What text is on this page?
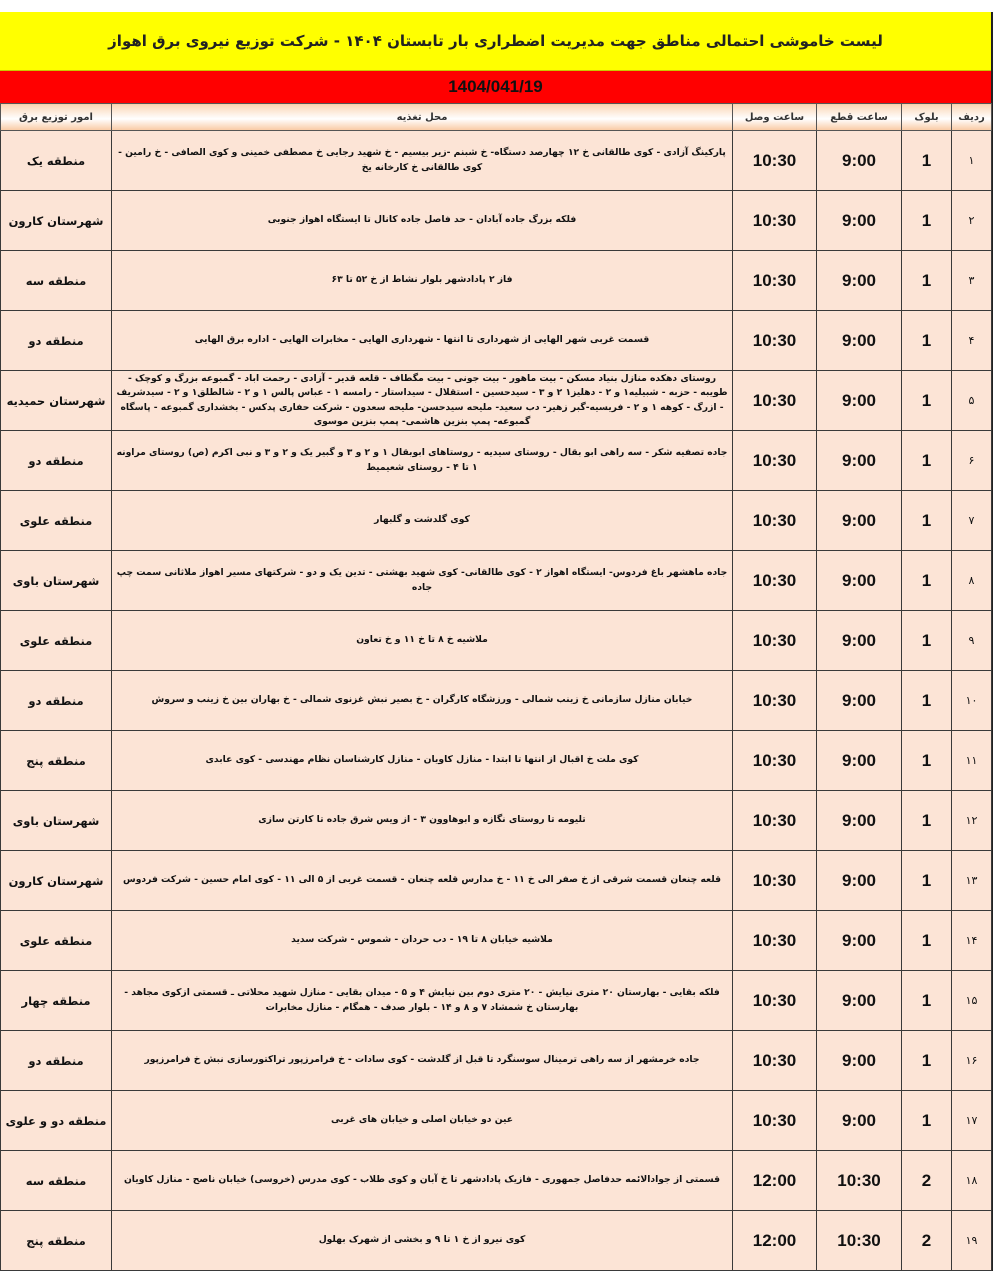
لیست خاموشی احتمالی مناطق جهت مدیریت اضطراری بار تابستان ۱۴۰۴ - شرکت توزیع نیروی برق اهواز
1404/041/19
ردیف	بلوک	ساعت قطع	ساعت وصل	محل تغذیه	امور توزیع برق
۱	1	9:00	10:30	پارکینگ آزادی - کوی طالقانی خ ۱۲ چهارصد دستگاه- خ شبنم -زیر بیسیم - خ شهید رجایی خ مصطفی خمینی و کوی الصافی - خ رامین - کوی طالقانی خ کارخانه یخ	منطقه یک
۲	1	9:00	10:30	فلکه بزرگ جاده آبادان - حد فاصل جاده کانال تا ایستگاه اهواز جنوبی	شهرستان کارون
۳	1	9:00	10:30	فاز ۲ پادادشهر بلوار نشاط از خ ۵۲ تا ۶۳	منطقه سه
۴	1	9:00	10:30	قسمت غربی شهر الهایی از شهرداری تا انتها - شهرداری الهایی - مخابرات الهایی - اداره برق الهایی	منطقه دو
۵	1	9:00	10:30	روستای دهکده منازل بنیاد مسکن - بیت ماهور - بیت جونی - بیت مگطاف - قلعه قدیر - آزادی - رحمت اباد - گمبوعه بزرگ و کوچک - طویبه - حزبه - شبیلیه۱ و ۲ - دهلیز۱ ۲ و ۳ - سیدحسین - استقلال - سیداستار - رامسه ۱ - عباس پالس ۱ و ۲ - شالطلق۱ و ۲ - سیدشریف - ازرگ - کوهه ۱ و ۲ - فریسیه-گبر زهیر- دب سعید- ملیحه سیدحسن- ملیحه سعدون - شرکت حفاری پدکس - بخشداری گمبوعه - پاسگاه گمبوعه- پمپ بنزین هاشمی- پمپ بنزین موسوی	شهرستان حمیدیه
۶	1	9:00	10:30	جاده تصفیه شکر - سه راهی ابو بقال - روستای سیدیه - روستاهای ابوبقال ۱ و ۲ و ۳ و گبیر یک و ۲ و ۳ و نبی اکرم (ص) روستای مراونه ۱ تا ۴ - روستای شعیمیط	منطقه دو
۷	1	9:00	10:30	کوی گلدشت و گلبهار	منطقه علوی
۸	1	9:00	10:30	جاده ماهشهر باغ فردوس- ایستگاه اهواز ۲ - کوی طالقانی- کوی شهید بهشتی - تدین یک و دو - شرکتهای مسیر اهواز ملاثانی سمت چپ جاده	شهرستان باوی
۹	1	9:00	10:30	ملاشیه خ ۸ تا خ ۱۱ و خ تعاون	منطقه علوی
۱۰	1	9:00	10:30	خیابان منازل سازمانی خ زینب شمالی - ورزشگاه کارگران - خ بصیر نبش غزنوی شمالی - خ بهاران بین خ زینب و سروش	منطقه دو
۱۱	1	9:00	10:30	کوی ملت خ اقبال از انتها تا ابتدا - منازل کاویان - منازل کارشناسان نظام مهندسی - کوی عابدی	منطقه پنج
۱۲	1	9:00	10:30	تلیومه تا روستای نگازه و ابوهاوون ۳ - از ویس شرق جاده تا کارتن سازی	شهرستان باوی
۱۳	1	9:00	10:30	قلعه چنعان قسمت شرقی از خ صفر الی خ ۱۱ - خ مدارس قلعه چنعان - قسمت غربی از ۵ الی ۱۱ - کوی امام حسین - شرکت فردوس	شهرستان کارون
۱۴	1	9:00	10:30	ملاشیه خیابان ۸ تا ۱۹ - دب حردان - شموس - شرکت سدید	منطقه علوی
۱۵	1	9:00	10:30	فلکه بقایی - بهارستان ۲۰ متری نیایش - ۲۰ متری دوم بین نیایش ۴ و ۵ - میدان بقایی - منازل شهید محلاتی ـ قسمتی ازکوی مجاهد - بهارستان خ شمشاد ۷ و ۸ و ۱۴ - بلوار صدف - همگام - منازل مخابرات	منطقه چهار
۱۶	1	9:00	10:30	جاده خرمشهر از سه راهی ترمینال سوسنگرد تا قبل از گلدشت - کوی سادات - خ فرامرزپور تراکتورسازی نبش خ فرامرزپور	منطقه دو
۱۷	1	9:00	10:30	عین دو خیابان اصلی و خیابان های غربی	منطقه دو و علوی
۱۸	2	10:30	12:00	قسمتی از جوادالائمه حدفاصل جمهوری - فازیک پادادشهر تا خ آبان و کوی طلاب - کوی مدرس (خروسی) خیابان ناصح - منازل کاویان	منطقه سه
۱۹	2	10:30	12:00	کوی نیرو از خ ۱ تا ۹ و بخشی از شهرک بهلول	منطقه پنج
